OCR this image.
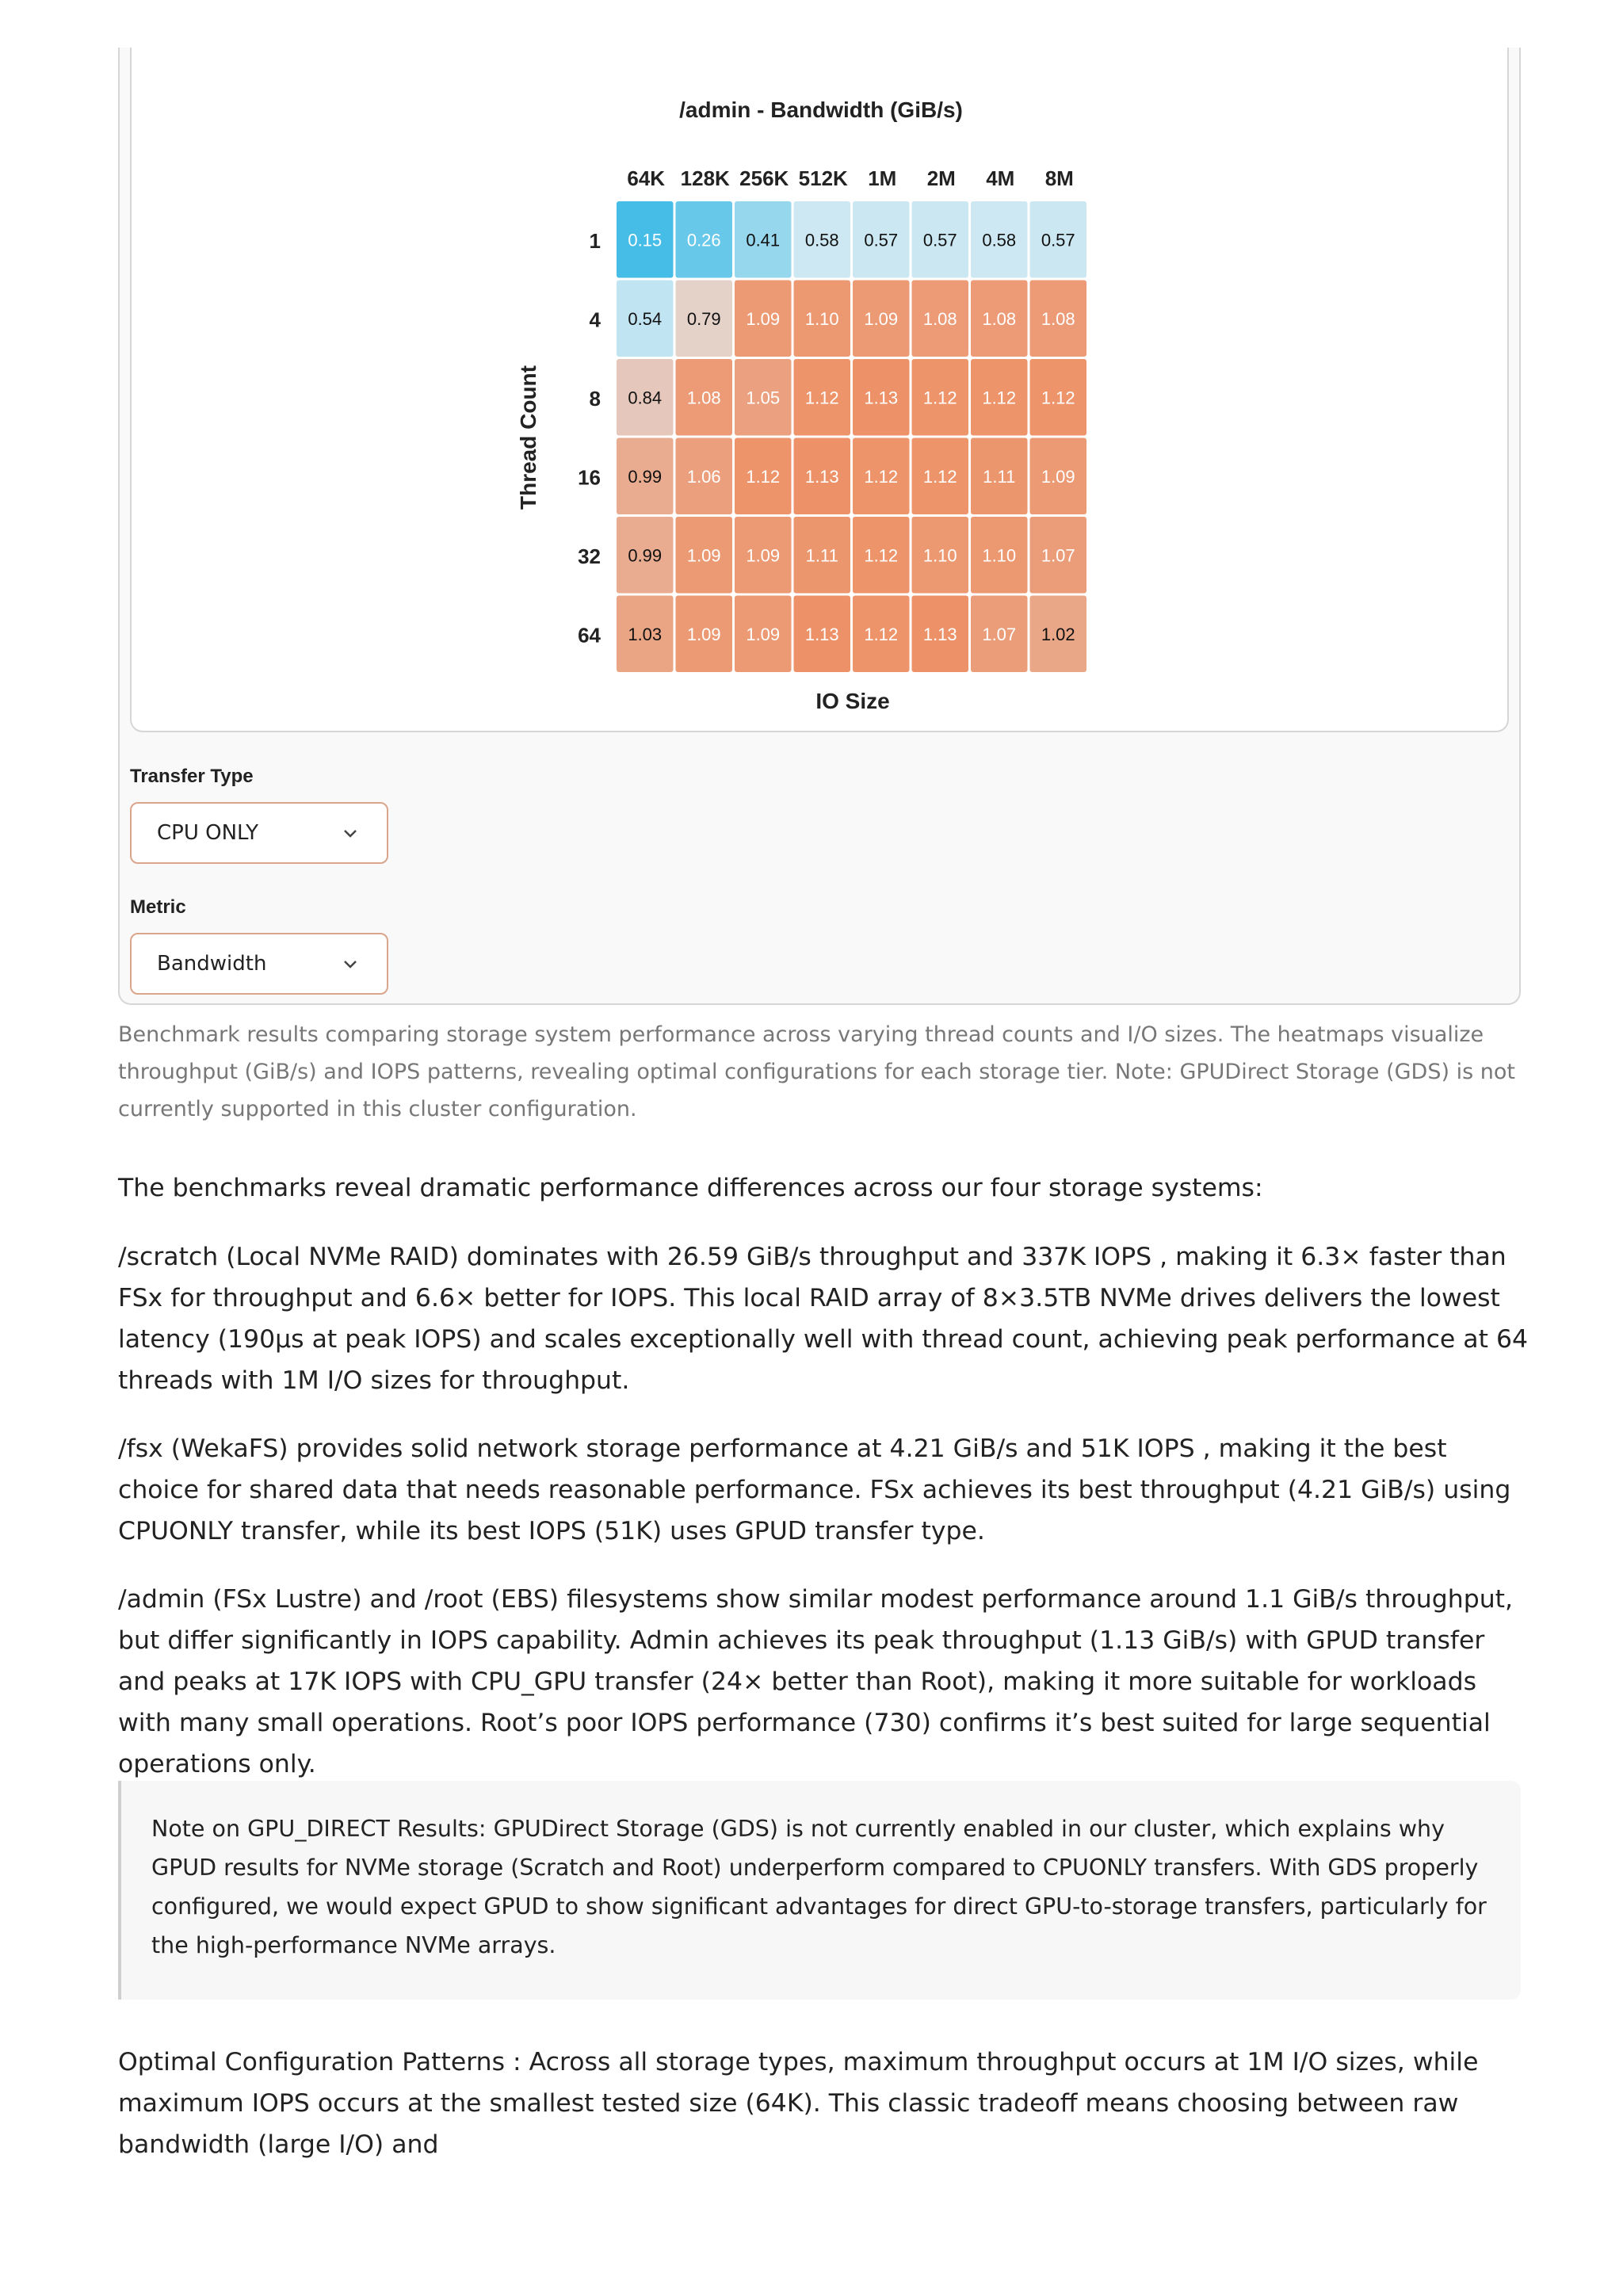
/admin - Bandwidth (GiB/s)
IO Size
Thread Count
64K 128K 256K 512K 1M 2M 4M 8M
1
4
8
16
32
64
0.15 0.26 0.41 0.58 0.57 0.57 0.58 0.57
0.54 0.79 1.09 1.10 1.09 1.08 1.08 1.08
0.84 1.08 1.05 1.12 1.13 1.12 1.12 1.12
0.99 1.06 1.12 1.13 1.12 1.12 1.11 1.09
0.99 1.09 1.09 1.11 1.12 1.10 1.10 1.07
1.03 1.09 1.09 1.13 1.12 1.13 1.07 1.02
Transfer Type
CPU ONLY
Metric
Bandwidth
Benchmark results comparing storage system performance across varying thread counts and I/O sizes. The heatmaps visualize throughput (GiB/s) and IOPS patterns, revealing optimal configurations for each storage tier. Note: GPUDirect Storage (GDS) is not currently supported in this cluster configuration.

The benchmarks reveal dramatic performance differences across our four storage systems:

/scratch (Local NVMe RAID) dominates with 26.59 GiB/s throughput and 337K IOPS , making it 6.3× faster than FSx for throughput and 6.6× better for IOPS. This local RAID array of 8×3.5TB NVMe drives delivers the lowest latency (190μs at peak IOPS) and scales exceptionally well with thread count, achieving peak performance at 64 threads with 1M I/O sizes for throughput.

/fsx (WekaFS) provides solid network storage performance at 4.21 GiB/s and 51K IOPS , making it the best choice for shared data that needs reasonable performance. FSx achieves its best throughput (4.21 GiB/s) using CPUONLY transfer, while its best IOPS (51K) uses GPUD transfer type.

/admin (FSx Lustre) and /root (EBS) filesystems show similar modest performance around 1.1 GiB/s throughput, but differ significantly in IOPS capability. Admin achieves its peak throughput (1.13 GiB/s) with GPUD transfer and peaks at 17K IOPS with CPU_GPU transfer (24× better than Root), making it more suitable for workloads with many small operations. Root’s poor IOPS performance (730) confirms it’s best suited for large sequential operations only.

Note on GPU_DIRECT Results: GPUDirect Storage (GDS) is not currently enabled in our cluster, which explains why GPUD results for NVMe storage (Scratch and Root) underperform compared to CPUONLY transfers. With GDS properly configured, we would expect GPUD to show significant advantages for direct GPU-to-storage transfers, particularly for the high-performance NVMe arrays.

Optimal Configuration Patterns : Across all storage types, maximum throughput occurs at 1M I/O sizes, while maximum IOPS occurs at the smallest tested size (64K). This classic tradeoff means choosing between raw bandwidth (large I/O) and
